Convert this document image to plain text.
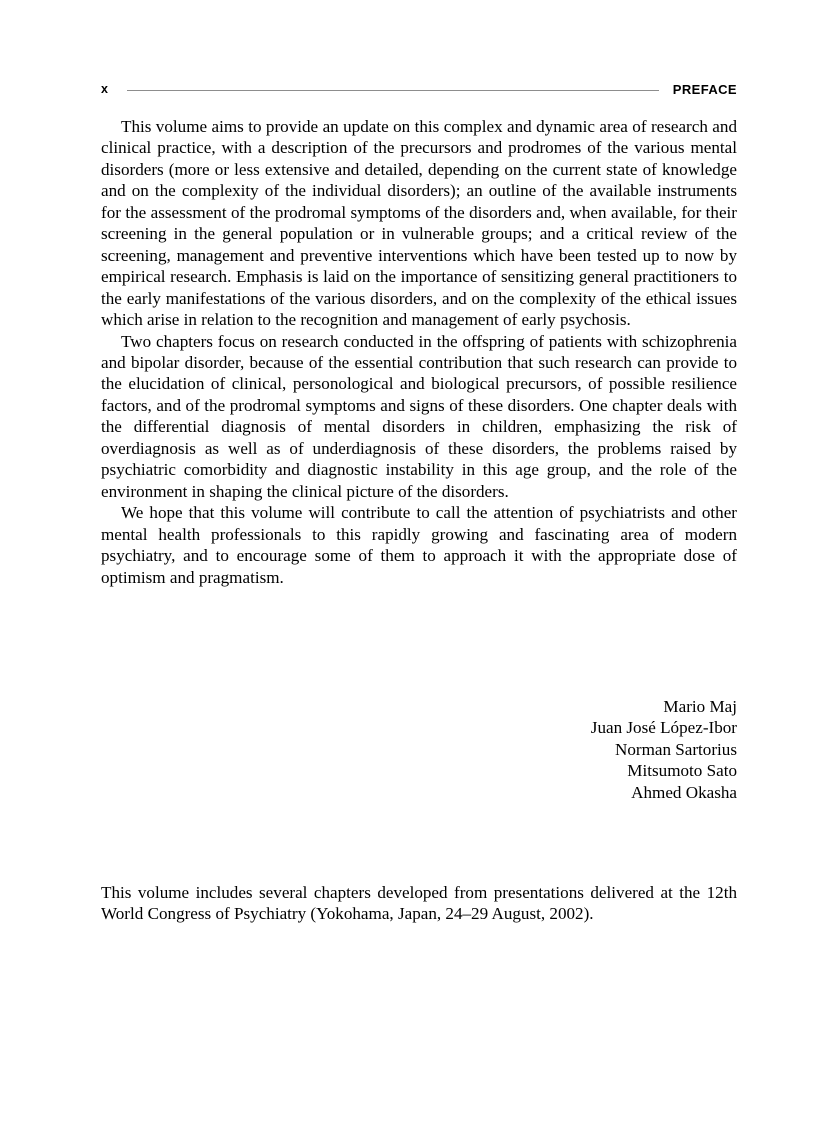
x	PREFACE

This volume aims to provide an update on this complex and dynamic area of research and clinical practice, with a description of the precursors and prodromes of the various mental disorders (more or less extensive and detailed, depending on the current state of knowledge and on the complexity of the individual disorders); an outline of the available instruments for the assessment of the prodromal symptoms of the disorders and, when available, for their screening in the general population or in vulnerable groups; and a critical review of the screening, management and preventive interventions which have been tested up to now by empirical research. Emphasis is laid on the importance of sensitizing general practitioners to the early manifestations of the various disorders, and on the complexity of the ethical issues which arise in relation to the recognition and management of early psychosis.

Two chapters focus on research conducted in the offspring of patients with schizophrenia and bipolar disorder, because of the essential contribution that such research can provide to the elucidation of clinical, personological and biological precursors, of possible resilience factors, and of the prodromal symptoms and signs of these disorders. One chapter deals with the differential diagnosis of mental disorders in children, emphasizing the risk of overdiagnosis as well as of underdiagnosis of these disorders, the problems raised by psychiatric comorbidity and diagnostic instability in this age group, and the role of the environment in shaping the clinical picture of the disorders.

We hope that this volume will contribute to call the attention of psychiatrists and other mental health professionals to this rapidly growing and fascinating area of modern psychiatry, and to encourage some of them to approach it with the appropriate dose of optimism and pragmatism.

Mario Maj
Juan José López-Ibor
Norman Sartorius
Mitsumoto Sato
Ahmed Okasha

This volume includes several chapters developed from presentations delivered at the 12th World Congress of Psychiatry (Yokohama, Japan, 24–29 August, 2002).
